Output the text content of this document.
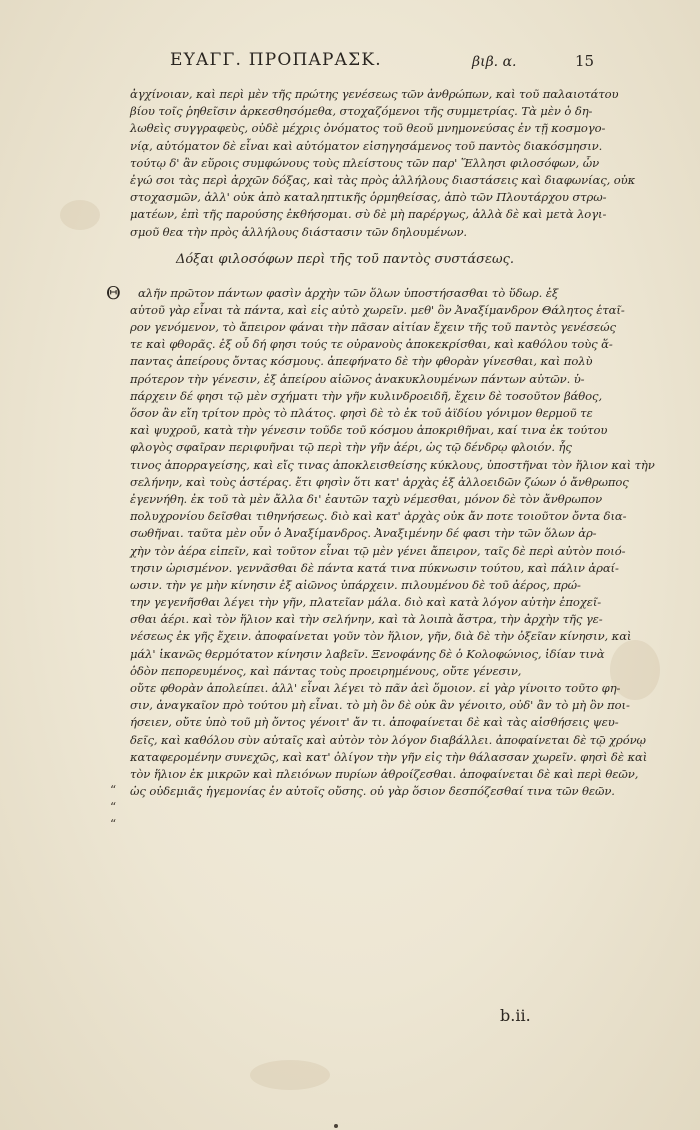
ΕΥΑΓΓ. ΠΡΟΠΑΡΑΣΚ.	βιβ. α.	15
ἀγχίνοιαν, καὶ περὶ μὲν τῆς πρώτης γενέσεως τῶν ἀνθρώπων, καὶ τοῦ παλαιοτάτου
βίου τοῖς ῥηθεῖσιν ἀρκεσθησόμεθα, στοχαζόμενοι τῆς συμμετρίας. Τὰ μὲν ὁ δη-
λωθεὶς συγγραφεὺς, οὐδὲ μέχρις ὀνόματος τοῦ θεοῦ μνημονεύσας ἐν τῇ κοσμογο-
νίᾳ, αὐτόματον δὲ εἶναι καὶ αὐτόματον εἰσηγησάμενος τοῦ παντὸς διακόσμησιν.
τούτῳ δ' ἂν εὕροις συμφώνους τοὺς πλείστους τῶν παρ' Ἕλλησι φιλοσόφων, ὧν
ἐγώ σοι τὰς περὶ ἀρχῶν δόξας, καὶ τὰς πρὸς ἀλλήλους διαστάσεις καὶ διαφωνίας, οὐκ
στοχασμῶν, ἀλλ' οὐκ ἀπὸ καταληπτικῆς ὁρμηθείσας, ἀπὸ τῶν Πλουτάρχου στρω-
ματέων, ἐπὶ τῆς παρούσης ἐκθήσομαι. σὺ δὲ μὴ παρέργως, ἀλλὰ δὲ καὶ μετὰ λογι-
σμοῦ θεα τὴν πρὸς ἀλλήλους διάστασιν τῶν δηλουμένων.
Δόξαι φιλοσόφων περὶ τῆς τοῦ παντὸς συστάσεως.
Θ	αλῆν πρῶτον πάντων φασὶν ἀρχὴν τῶν ὅλων ὑποστήσασθαι τὸ ὕδωρ. ἐξ
αὐτοῦ γὰρ εἶναι τὰ πάντα, καὶ εἰς αὐτὸ χωρεῖν. μεθ' ὃν Ἀναξίμανδρον Θάλητος ἑταῖ-
ρον γενόμενον, τὸ ἄπειρον φάναι τὴν πᾶσαν αἰτίαν ἔχειν τῆς τοῦ παντὸς γενέσεώς
τε καὶ φθορᾶς. ἐξ οὗ δή φησι τούς τε οὐρανοὺς ἀποκεκρίσθαι, καὶ καθόλου τοὺς ἅ-
παντας ἀπείρους ὄντας κόσμους. ἀπεφήνατο δὲ τὴν φθορὰν γίνεσθαι, καὶ πολὺ
πρότερον τὴν γένεσιν, ἐξ ἀπείρου αἰῶνος ἀνακυκλουμένων πάντων αὐτῶν. ὑ-
πάρχειν δέ φησι τῷ μὲν σχήματι τὴν γῆν κυλινδροειδῆ, ἔχειν δὲ τοσοῦτον βάθος,
ὅσον ἂν εἴη τρίτον πρὸς τὸ πλάτος. φησὶ δὲ τὸ ἐκ τοῦ ἀϊδίου γόνιμον θερμοῦ τε
καὶ ψυχροῦ, κατὰ τὴν γένεσιν τοῦδε τοῦ κόσμου ἀποκριθῆναι, καί τινα ἐκ τούτου
φλογὸς σφαῖραν περιφυῆναι τῷ περὶ τὴν γῆν ἀέρι, ὡς τῷ δένδρῳ φλοιόν. ἧς
τινος ἀπορραγείσης, καὶ εἴς τινας ἀποκλεισθείσης κύκλους, ὑποστῆναι τὸν ἥλιον καὶ τὴν
σελήνην, καὶ τοὺς ἀστέρας. ἔτι φησὶν ὅτι κατ' ἀρχὰς ἐξ ἀλλοειδῶν ζώων ὁ ἄνθρωπος
ἐγεννήθη. ἐκ τοῦ τὰ μὲν ἄλλα δι' ἑαυτῶν ταχὺ νέμεσθαι, μόνον δὲ τὸν ἄνθρωπον
πολυχρονίου δεῖσθαι τιθηνήσεως. διὸ καὶ κατ' ἀρχὰς οὐκ ἄν ποτε τοιοῦτον ὄντα δια-
σωθῆναι. ταῦτα μὲν οὖν ὁ Ἀναξίμανδρος. Ἀναξιμένην δέ φασι τὴν τῶν ὅλων ἀρ-
χὴν τὸν ἀέρα εἰπεῖν, καὶ τοῦτον εἶναι τῷ μὲν γένει ἄπειρον, ταῖς δὲ περὶ αὐτὸν ποιό-
τησιν ὡρισμένον. γεννᾶσθαι δὲ πάντα κατά τινα πύκνωσιν τούτου, καὶ πάλιν ἀραί-
ωσιν. τὴν γε μὴν κίνησιν ἐξ αἰῶνος ὑπάρχειν. πιλουμένου δὲ τοῦ ἀέρος, πρώ-
την γεγενῆσθαι λέγει τὴν γῆν, πλατεῖαν μάλα. διὸ καὶ κατὰ λόγον αὐτὴν ἐποχεῖ-
σθαι ἀέρι. καὶ τὸν ἥλιον καὶ τὴν σελήνην, καὶ τὰ λοιπὰ ἄστρα, τὴν ἀρχὴν τῆς γε-
νέσεως ἐκ γῆς ἔχειν. ἀποφαίνεται γοῦν τὸν ἥλιον, γῆν, διὰ δὲ τὴν ὀξεῖαν κίνησιν, καὶ
μάλ' ἱκανῶς θερμότατον κίνησιν λαβεῖν. Ξενοφάνης δὲ ὁ Κολοφώνιος, ἰδίαν τινὰ
ὁδὸν πεπορευμένος, καὶ πάντας τοὺς προειρημένους, οὔτε γένεσιν,
οὔτε φθορὰν ἀπολείπει. ἀλλ' εἶναι λέγει τὸ πᾶν ἀεὶ ὅμοιον. εἰ γὰρ γίνοιτο τοῦτο φη-
σιν, ἀναγκαῖον πρὸ τούτου μὴ εἶναι. τὸ μὴ ὂν δὲ οὐκ ἂν γένοιτο, οὐδ' ἂν τὸ μὴ ὂν ποι-
ήσειεν, οὔτε ὑπὸ τοῦ μὴ ὄντος γένοιτ' ἄν τι. ἀποφαίνεται δὲ καὶ τὰς αἰσθήσεις ψευ-
δεῖς, καὶ καθόλου σὺν αὐταῖς καὶ αὐτὸν τὸν λόγον διαβάλλει. ἀποφαίνεται δὲ τῷ χρόνῳ
καταφερομένην συνεχῶς, καὶ κατ' ὀλίγον τὴν γῆν εἰς τὴν θάλασσαν χωρεῖν. φησὶ δὲ καὶ
τὸν ἥλιον ἐκ μικρῶν καὶ πλειόνων πυρίων ἀθροίζεσθαι. ἀποφαίνεται δὲ καὶ περὶ θεῶν,
ὡς οὐδεμιᾶς ἡγεμονίας ἐν αὐτοῖς οὔσης. οὐ γὰρ ὅσιον δεσπόζεσθαί τινα τῶν θεῶν.
“
“
“
b.ii.
